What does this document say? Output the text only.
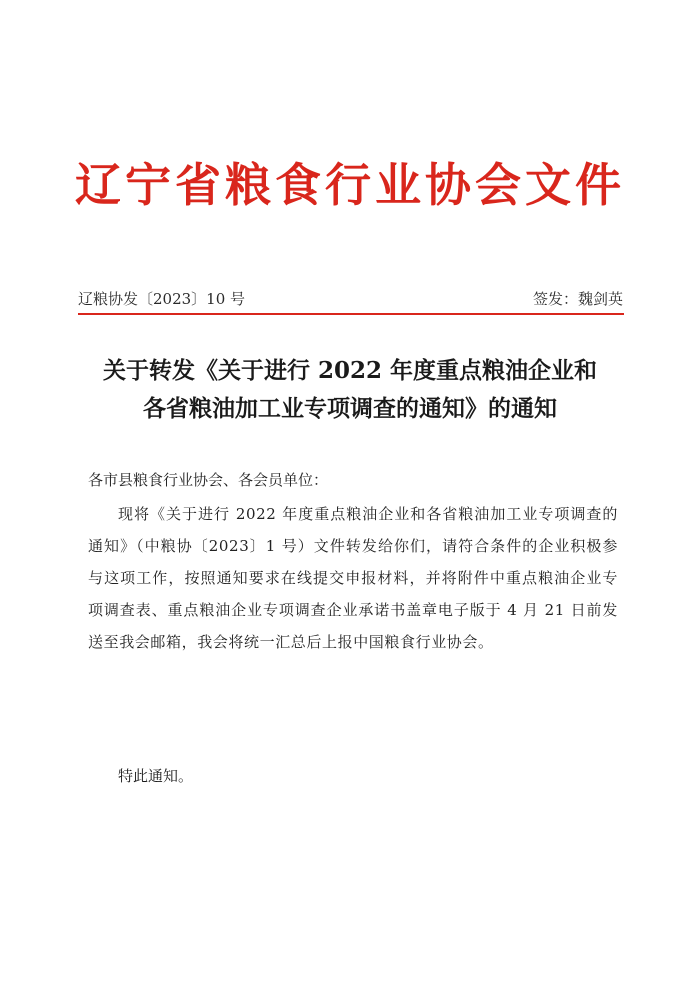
辽宁省粮食行业协会文件
辽粮协发〔2023〕10 号	签发：魏剑英
关于转发《关于进行 2022 年度重点粮油企业和
各省粮油加工业专项调查的通知》的通知

各市县粮食行业协会、各会员单位：

现将《关于进行 2022 年度重点粮油企业和各省粮油加工业专项调查的通知》（中粮协〔2023〕1 号）文件转发给你们，请符合条件的企业积极参与这项工作，按照通知要求在线提交申报材料，并将附件中重点粮油企业专项调查表、重点粮油企业专项调查企业承诺书盖章电子版于 4 月 21 日前发送至我会邮箱，我会将统一汇总后上报中国粮食行业协会。

特此通知。
